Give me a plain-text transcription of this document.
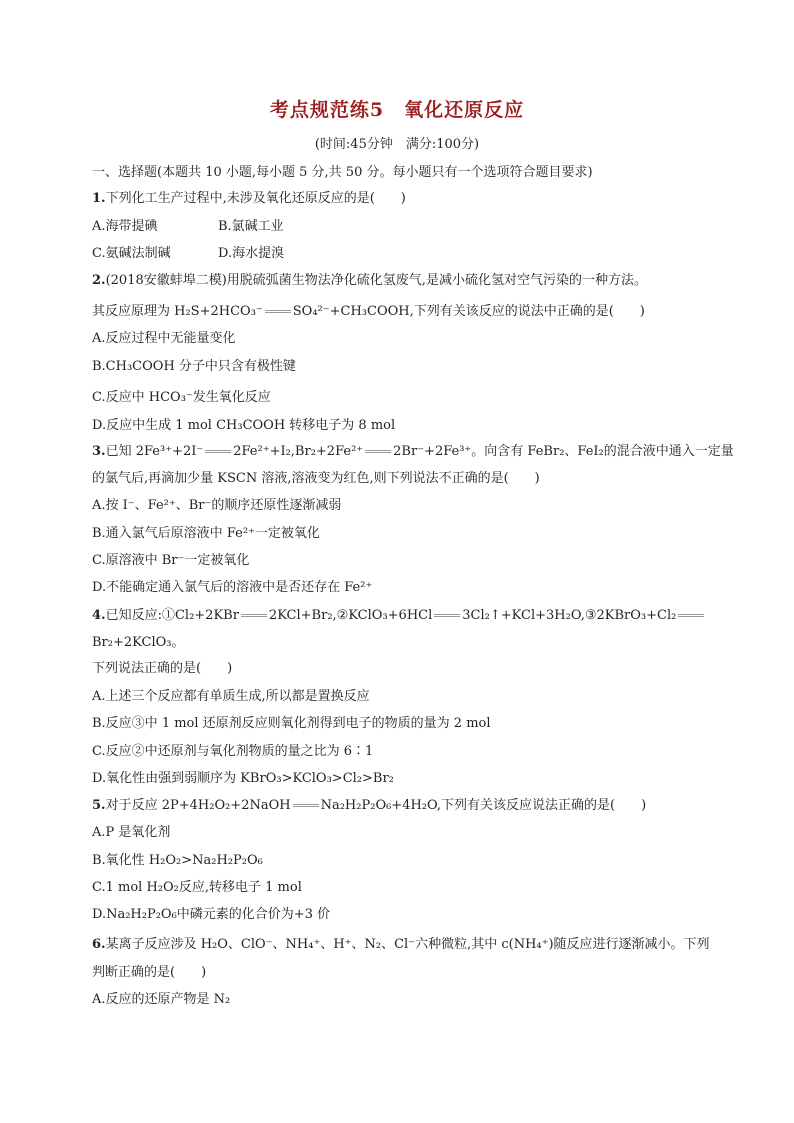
考点规范练5　氧化还原反应
(时间:45分钟　满分:100分)
一、选择题(本题共 10 小题,每小题 5 分,共 50 分。每小题只有一个选项符合题目要求)
1.下列化工生产过程中,未涉及氧化还原反应的是(　　)
A.海带提碘	B.氯碱工业
C.氨碱法制碱	D.海水提溴
2.(2018安徽蚌埠二模)用脱硫弧菌生物法净化硫化氢废气,是减小硫化氢对空气污染的一种方法。
其反应原理为 H₂S+2HCO₃⁻ SO₄²⁻+CH₃COOH,下列有关该反应的说法中正确的是(　　)
A.反应过程中无能量变化
B.CH₃COOH 分子中只含有极性键
C.反应中 HCO₃⁻发生氧化反应
D.反应中生成 1 mol CH₃COOH 转移电子为 8 mol
3.已知 2Fe³⁺+2I⁻ 2Fe²⁺+I₂,Br₂+2Fe²⁺ 2Br⁻+2Fe³⁺。向含有 FeBr₂、FeI₂的混合液中通入一定量
的氯气后,再滴加少量 KSCN 溶液,溶液变为红色,则下列说法不正确的是(　　)
A.按 I⁻、Fe²⁺、Br⁻的顺序还原性逐渐减弱
B.通入氯气后原溶液中 Fe²⁺一定被氧化
C.原溶液中 Br⁻一定被氧化
D.不能确定通入氯气后的溶液中是否还存在 Fe²⁺
4.已知反应:①Cl₂+2KBr 2KCl+Br₂,②KClO₃+6HCl 3Cl₂↑+KCl+3H₂O,③2KBrO₃+Cl₂
Br₂+2KClO₃。
下列说法正确的是(　　)
A.上述三个反应都有单质生成,所以都是置换反应
B.反应③中 1 mol 还原剂反应则氧化剂得到电子的物质的量为 2 mol
C.反应②中还原剂与氧化剂物质的量之比为 6∶1
D.氧化性由强到弱顺序为 KBrO₃>KClO₃>Cl₂>Br₂
5.对于反应 2P+4H₂O₂+2NaOH Na₂H₂P₂O₆+4H₂O,下列有关该反应说法正确的是(　　)
A.P 是氧化剂
B.氧化性 H₂O₂>Na₂H₂P₂O₆
C.1 mol H₂O₂反应,转移电子 1 mol
D.Na₂H₂P₂O₆中磷元素的化合价为+3 价
6.某离子反应涉及 H₂O、ClO⁻、NH₄⁺、H⁺、N₂、Cl⁻六种微粒,其中 c(NH₄⁺)随反应进行逐渐减小。下列
判断正确的是(　　)
A.反应的还原产物是 N₂
